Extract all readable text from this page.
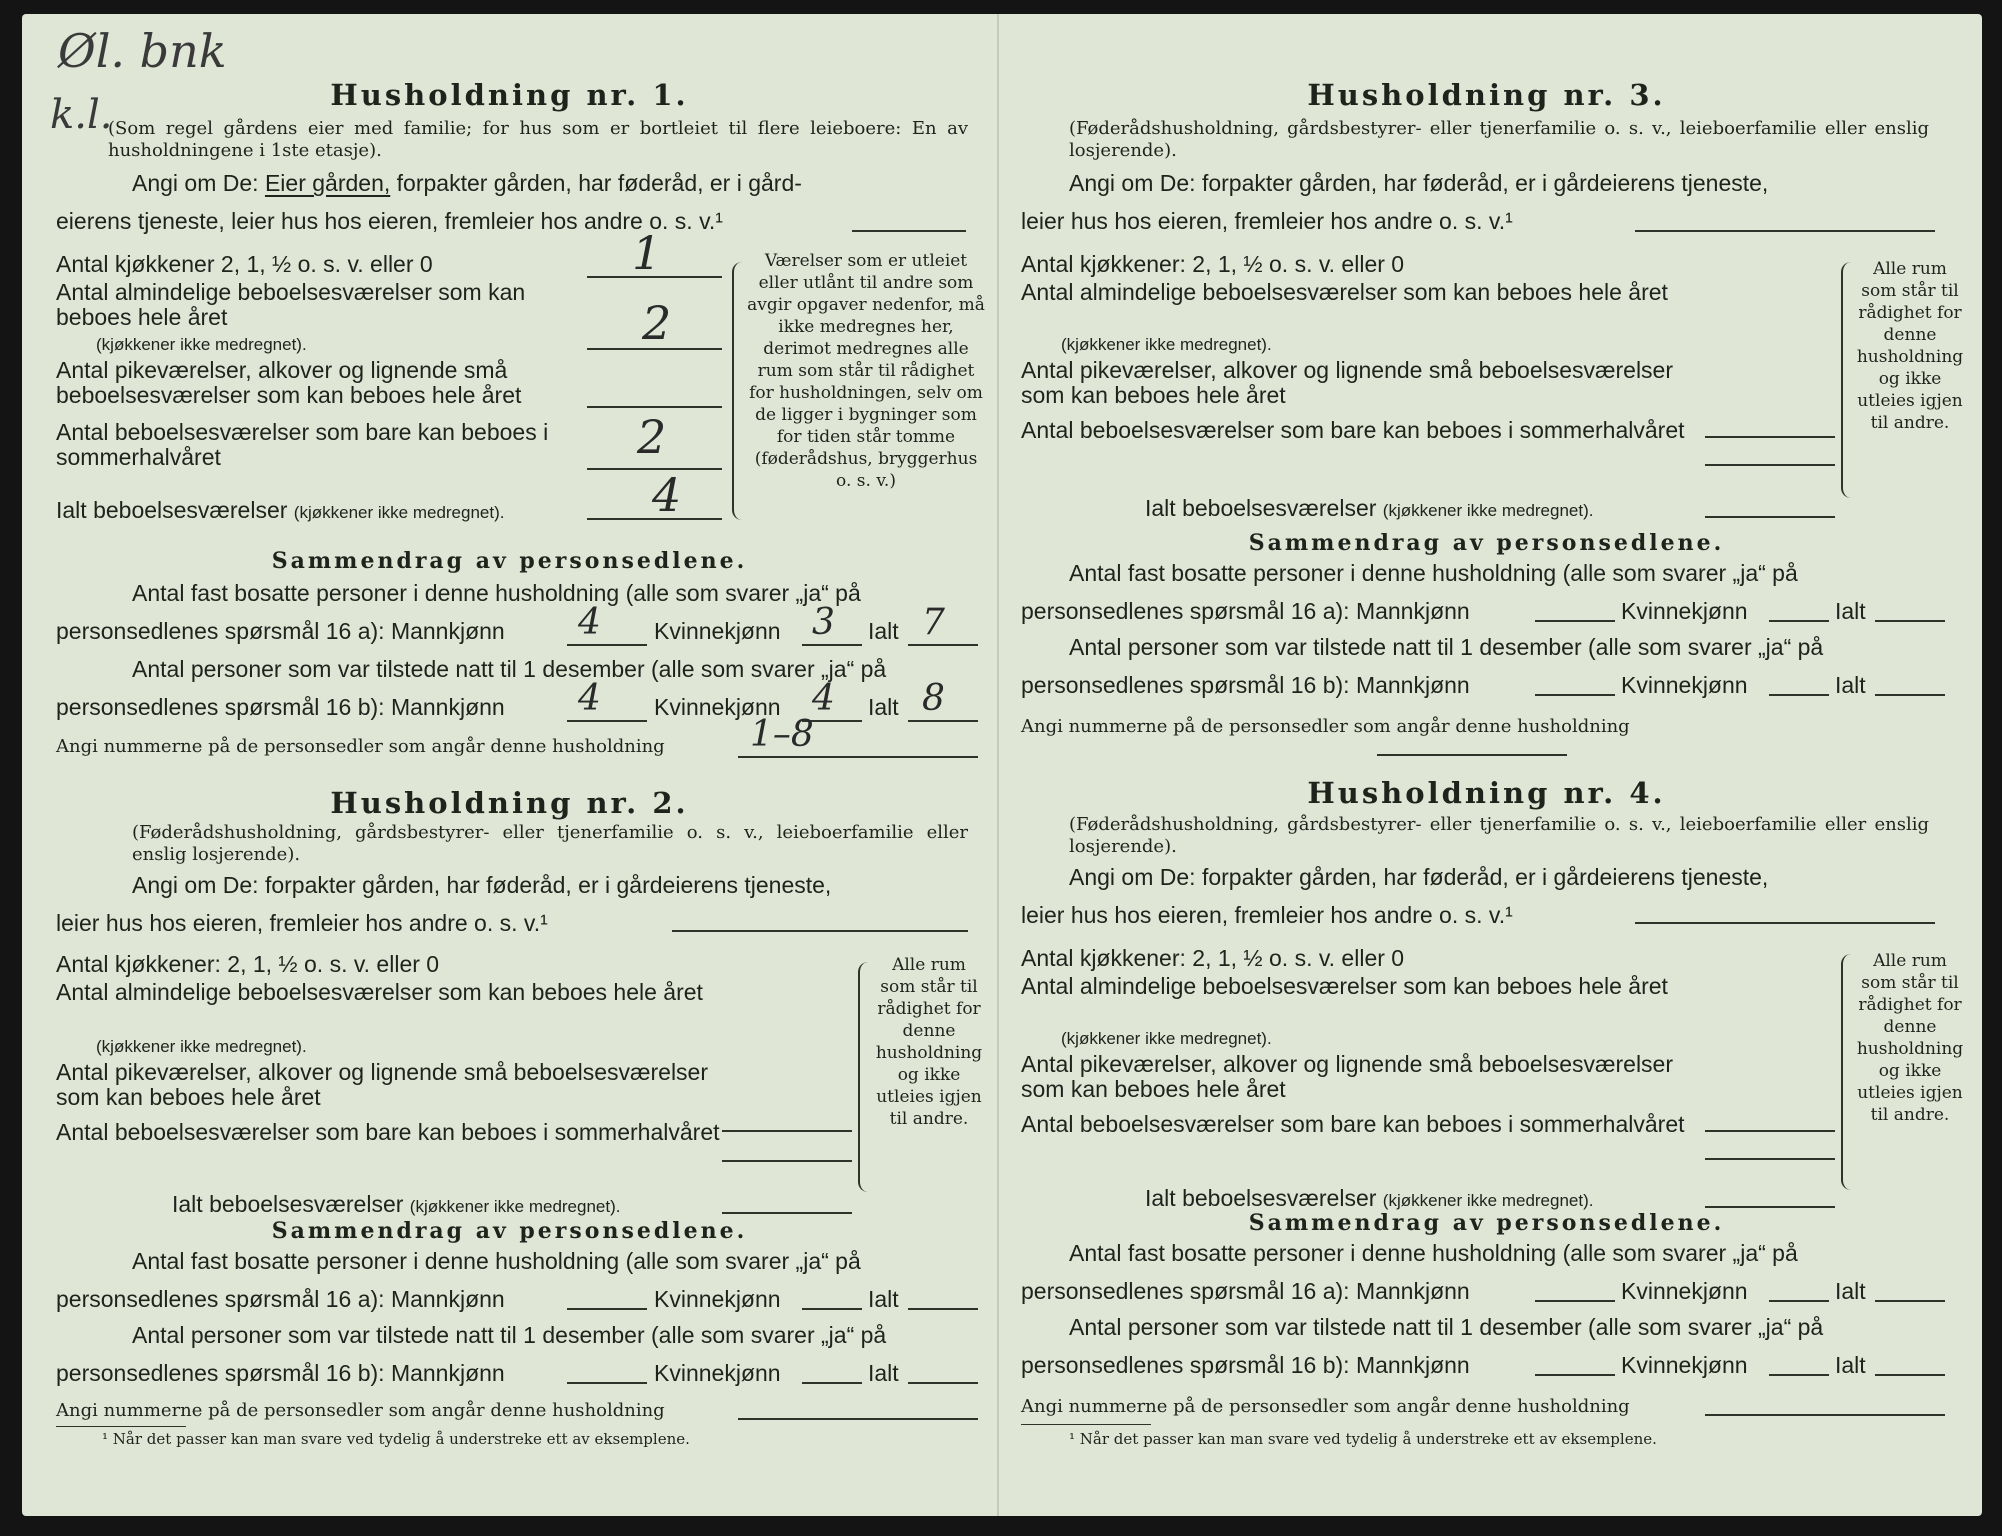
Øl. bnk
k.l.	Husholdning nr. 1.
(Som regel gårdens eier med familie; for hus som er bortleiet til flere leieboere: En av husholdningene i 1ste etasje).
Angi om De: Eier gården, forpakter gården, har føderåd, er i gård-
eierens tjeneste, leier hus hos eieren, fremleier hos andre o. s. v.¹
Antal kjøkkener 2, 1, ½ o. s. v. eller 0	1
Antal almindelige beboelsesværelser som kan beboes hele året
(kjøkkener ikke medregnet).	2
Antal pikeværelser, alkover og lignende små beboelsesværelser som kan beboes hele året
Antal beboelsesværelser som bare kan beboes i sommerhalvåret	2
Ialt beboelsesværelser (kjøkkener ikke medregnet).	4
Værelser som er utleiet eller utlånt til andre som avgir opgaver nedenfor, må ikke medregnes her, derimot medregnes alle rum som står til rådighet for husholdningen, selv om de ligger i bygninger som for tiden står tomme (føderådshus, bryggerhus o. s. v.)
Sammendrag av personsedlene.
Antal fast bosatte personer i denne husholdning (alle som svarer „ja“ på
personsedlenes spørsmål 16 a): Mannkjønn 4 Kvinnekjønn 3 Ialt 7
Antal personer som var tilstede natt til 1 desember (alle som svarer „ja“ på
personsedlenes spørsmål 16 b): Mannkjønn 4 Kvinnekjønn 4 Ialt 8
Angi nummerne på de personsedler som angår denne husholdning 1–8
Husholdning nr. 2.
(Føderådshusholdning, gårdsbestyrer- eller tjenerfamilie o. s. v., leieboerfamilie eller enslig losjerende).
Angi om De: forpakter gården, har føderåd, er i gårdeierens tjeneste,
leier hus hos eieren, fremleier hos andre o. s. v.¹
Antal kjøkkener: 2, 1, ½ o. s. v. eller 0
Antal almindelige beboelsesværelser som kan beboes hele året
(kjøkkener ikke medregnet).
Antal pikeværelser, alkover og lignende små beboelsesværelser som kan beboes hele året
Antal beboelsesværelser som bare kan beboes i sommerhalvåret
Ialt beboelsesværelser (kjøkkener ikke medregnet).
Alle rum som står til rådighet for denne husholdning og ikke utleies igjen til andre.
Sammendrag av personsedlene.
Antal fast bosatte personer i denne husholdning (alle som svarer „ja“ på
personsedlenes spørsmål 16 a): Mannkjønn	Kvinnekjønn	Ialt
Antal personer som var tilstede natt til 1 desember (alle som svarer „ja“ på
personsedlenes spørsmål 16 b): Mannkjønn	Kvinnekjønn	Ialt
Angi nummerne på de personsedler som angår denne husholdning
¹ Når det passer kan man svare ved tydelig å understreke ett av eksemplene.
Husholdning nr. 3.
(Føderådshusholdning, gårdsbestyrer- eller tjenerfamilie o. s. v., leieboerfamilie eller enslig losjerende).
Angi om De: forpakter gården, har føderåd, er i gårdeierens tjeneste,
leier hus hos eieren, fremleier hos andre o. s. v.¹
Antal kjøkkener: 2, 1, ½ o. s. v. eller 0
Antal almindelige beboelsesværelser som kan beboes hele året
(kjøkkener ikke medregnet).
Antal pikeværelser, alkover og lignende små beboelsesværelser som kan beboes hele året
Antal beboelsesværelser som bare kan beboes i sommerhalvåret
Ialt beboelsesværelser (kjøkkener ikke medregnet).
Alle rum som står til rådighet for denne husholdning og ikke utleies igjen til andre.
Sammendrag av personsedlene.
Antal fast bosatte personer i denne husholdning (alle som svarer „ja“ på
personsedlenes spørsmål 16 a): Mannkjønn	Kvinnekjønn	Ialt
Antal personer som var tilstede natt til 1 desember (alle som svarer „ja“ på
personsedlenes spørsmål 16 b): Mannkjønn	Kvinnekjønn	Ialt
Angi nummerne på de personsedler som angår denne husholdning
Husholdning nr. 4.
(Føderådshusholdning, gårdsbestyrer- eller tjenerfamilie o. s. v., leieboerfamilie eller enslig losjerende).
Angi om De: forpakter gården, har føderåd, er i gårdeierens tjeneste,
leier hus hos eieren, fremleier hos andre o. s. v.¹
Antal kjøkkener: 2, 1, ½ o. s. v. eller 0
Antal almindelige beboelsesværelser som kan beboes hele året
(kjøkkener ikke medregnet).
Antal pikeværelser, alkover og lignende små beboelsesværelser som kan beboes hele året
Antal beboelsesværelser som bare kan beboes i sommerhalvåret
Ialt beboelsesværelser (kjøkkener ikke medregnet).
Alle rum som står til rådighet for denne husholdning og ikke utleies igjen til andre.
Sammendrag av personsedlene.
Antal fast bosatte personer i denne husholdning (alle som svarer „ja“ på
personsedlenes spørsmål 16 a): Mannkjønn	Kvinnekjønn	Ialt
Antal personer som var tilstede natt til 1 desember (alle som svarer „ja“ på
personsedlenes spørsmål 16 b): Mannkjønn	Kvinnekjønn	Ialt
Angi nummerne på de personsedler som angår denne husholdning
¹ Når det passer kan man svare ved tydelig å understreke ett av eksemplene.
